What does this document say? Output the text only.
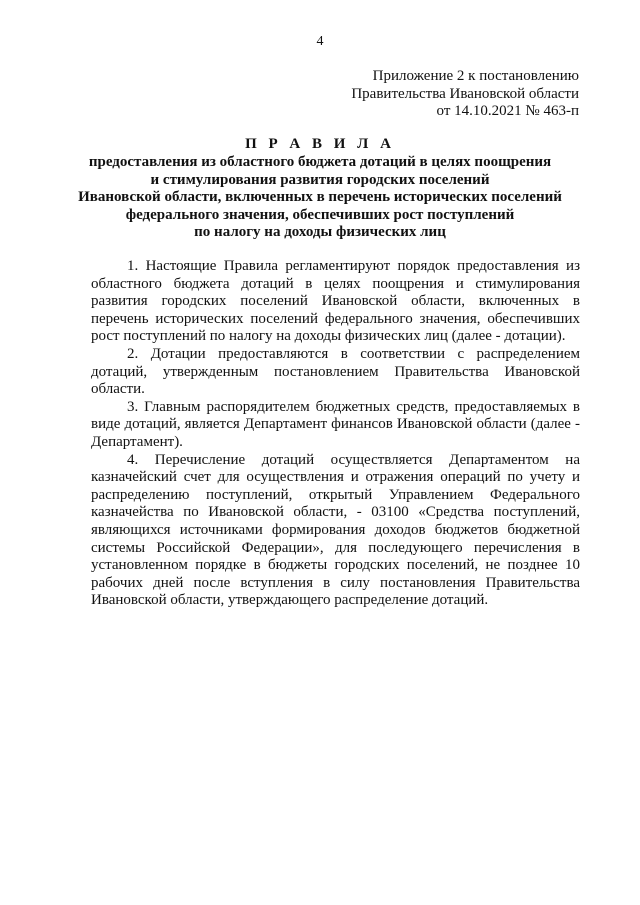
4
Приложение 2 к постановлению
Правительства Ивановской области
от 14.10.2021 № 463-п
П Р А В И Л А
предоставления из областного бюджета дотаций в целях поощрения
и стимулирования развития городских поселений
Ивановской области, включенных в перечень исторических поселений
федерального значения, обеспечивших рост поступлений
по налогу на доходы физических лиц

1. Настоящие Правила регламентируют порядок предоставления из областного бюджета дотаций в целях поощрения и стимулирования развития городских поселений Ивановской области, включенных в перечень исторических поселений федерального значения, обеспечивших рост поступлений по налогу на доходы физических лиц (далее - дотации).

2. Дотации предоставляются в соответствии с распределением дотаций, утвержденным постановлением Правительства Ивановской области.

3. Главным распорядителем бюджетных средств, предоставляемых в виде дотаций, является Департамент финансов Ивановской области (далее - Департамент).

4. Перечисление дотаций осуществляется Департаментом на казначейский счет для осуществления и отражения операций по учету и распределению поступлений, открытый Управлением Федерального казначейства по Ивановской области, - 03100 «Средства поступлений, являющихся источниками формирования доходов бюджетов бюджетной системы Российской Федерации», для последующего перечисления в установленном порядке в бюджеты городских поселений, не позднее 10 рабочих дней после вступления в силу постановления Правительства Ивановской области, утверждающего распределение дотаций.
